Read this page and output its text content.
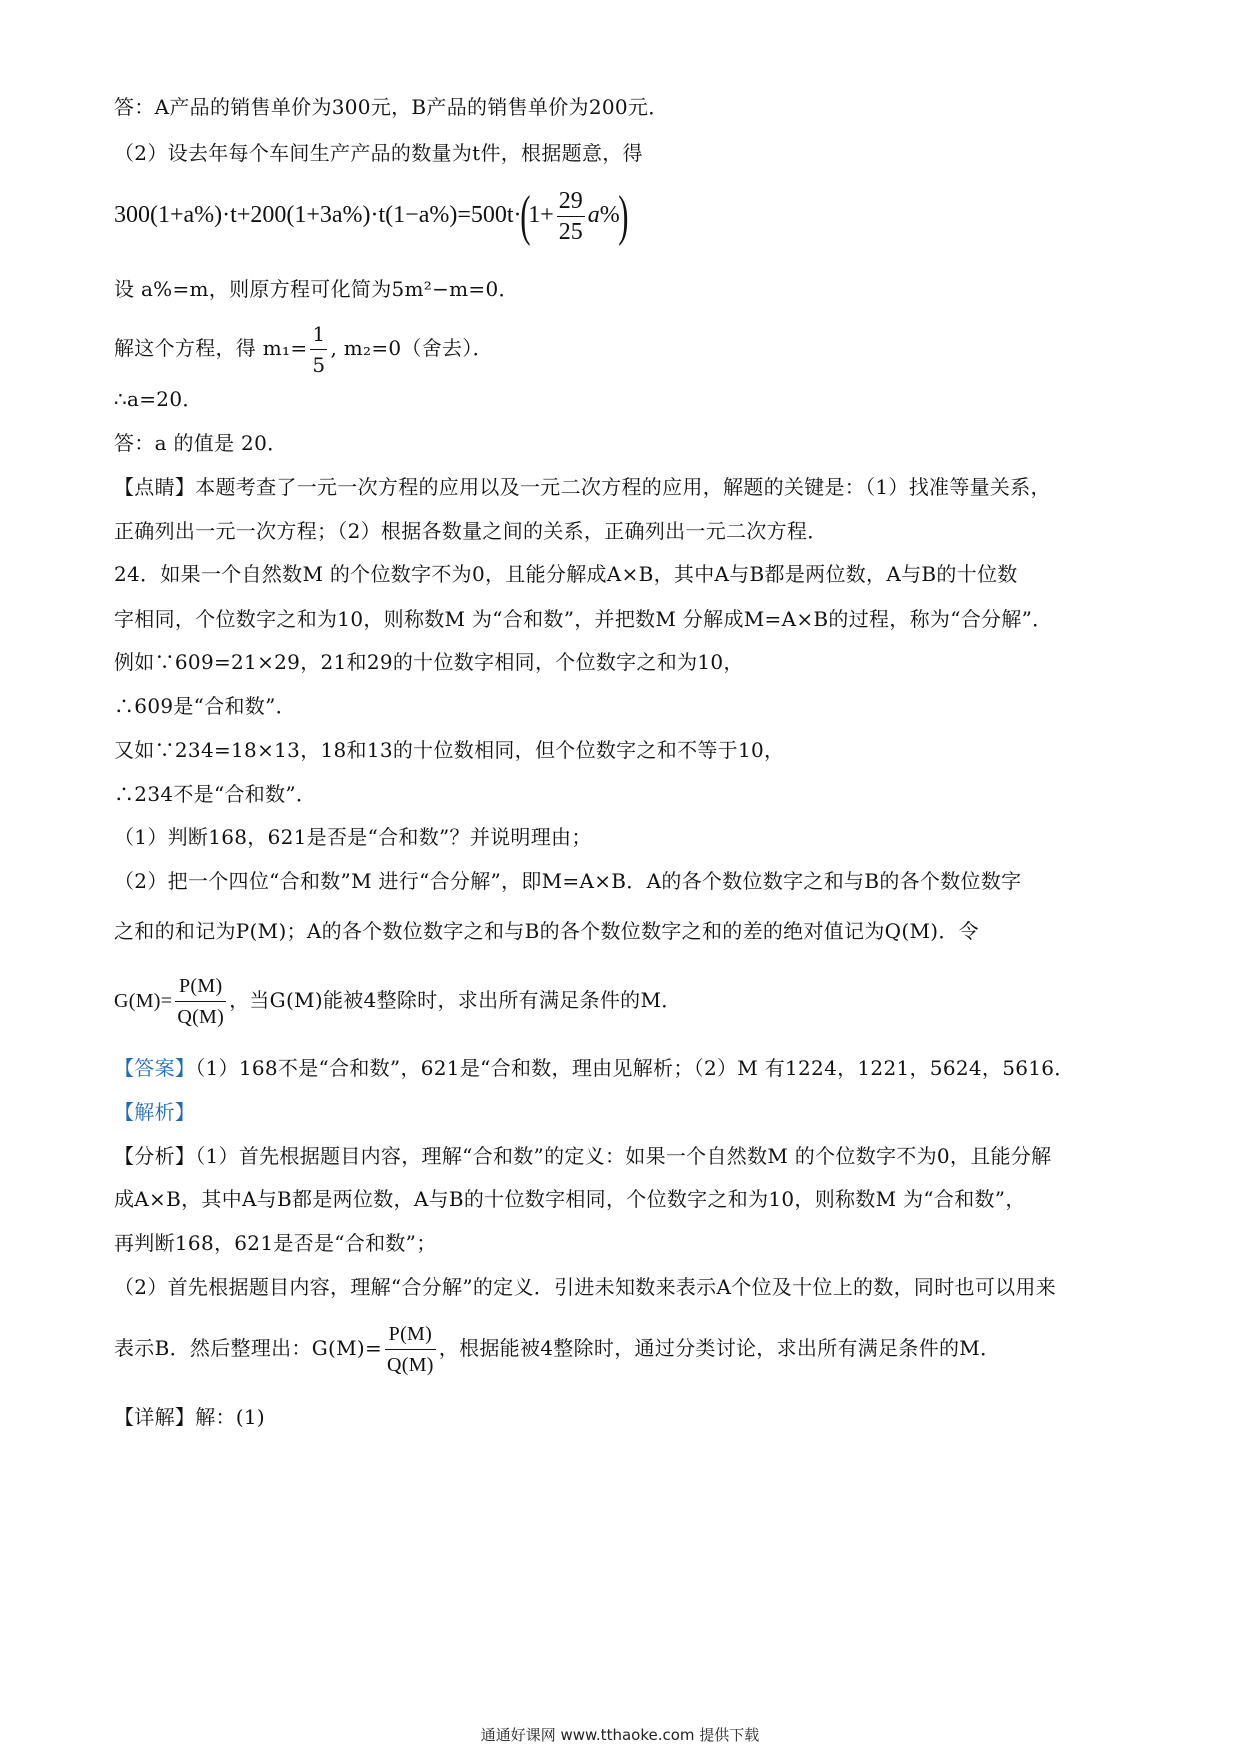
答：A产品的销售单价为300元，B产品的销售单价为200元．
（2）设去年每个车间生产产品的数量为t件，根据题意，得
$300(1+a\%)\cdot t+200(1+3a\%)\cdot t(1-a\%)=500t\cdot(1+ \frac{29}{25} a\%)$
设 a%=m，则原方程可化简为5m²−m=0．
解这个方程，得 $m_1= \frac{1}{5}$ , m₂=0（舍去）．
∴a=20．
答：a 的值是 20．
【点睛】本题考查了一元一次方程的应用以及一元二次方程的应用，解题的关键是：（1）找准等量关系，
正确列出一元一次方程；（2）根据各数量之间的关系，正确列出一元二次方程．
24．如果一个自然数M 的个位数字不为0，且能分解成A×B，其中A与B都是两位数，A与B的十位数
字相同，个位数字之和为10，则称数M 为“合和数”，并把数M 分解成M=A×B的过程，称为“合分解”．
例如∵609=21×29，21和29的十位数字相同，个位数字之和为10，
∴609是“合和数”．
又如∵234=18×13，18和13的十位数相同，但个位数字之和不等于10，
∴234不是“合和数”．
（1）判断168，621是否是“合和数”？并说明理由；
（2）把一个四位“合和数”M 进行“合分解”，即M=A×B．A的各个数位数字之和与B的各个数位数字
之和的和记为P(M)；A的各个数位数字之和与B的各个数位数字之和的差的绝对值记为Q(M)．令
$G(M)= \frac{P(M)}{Q(M)}$ ，当G(M)能被4整除时，求出所有满足条件的M．
【答案】（1）168不是“合和数”，621是“合和数，理由见解析；（2）M 有1224，1221，5624，5616．
【解析】
【分析】（1）首先根据题目内容，理解“合和数”的定义：如果一个自然数M 的个位数字不为0，且能分解
成A×B，其中A与B都是两位数，A与B的十位数字相同，个位数字之和为10，则称数M 为“合和数”，
再判断168，621是否是“合和数”；
（2）首先根据题目内容，理解“合分解”的定义．引进未知数来表示A个位及十位上的数，同时也可以用来
表示B．然后整理出：$G(M)= \frac{P(M)}{Q(M)}$ ，根据能被4整除时，通过分类讨论，求出所有满足条件的M．
【详解】解：(1)
通通好课网 www.tthaoke.com 提供下载
